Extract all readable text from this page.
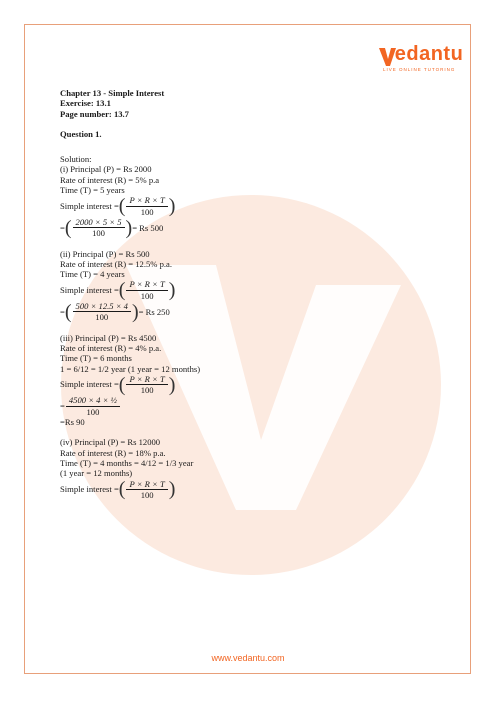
edantu
LIVE ONLINE TUTORING
Chapter 13 - Simple Interest
Exercise: 13.1
Page number: 13.7
Question 1.
Solution:
(i) Principal (P) = Rs 2000
Rate of interest (R) = 5% p.a
Time (T) = 5 years
Simple interest = ( $\frac{P \times R \times T}{100}$ )
= ( $\frac{2000 \times 5 \times 5}{100}$ ) = Rs 500
(ii) Principal (P) = Rs 500
Rate of interest (R) = 12.5% p.a.
Time (T) = 4 years
Simple interest = ( $\frac{P \times R \times T}{100}$ )
= ( $\frac{500 \times 12.5 \times 4}{100}$ ) = Rs 250
(iii) Principal (P) = Rs 4500
Rate of interest (R) = 4% p.a.
Time (T) = 6 months
1 = 6/12 = 1/2 year (1 year = 12 months)
Simple interest = ( $\frac{P \times R \times T}{100}$ )
= $\frac{\text{4500 × 4 × ½}}{100}$
=Rs 90
(iv) Principal (P) = Rs 12000
Rate of interest (R) = 18% p.a.
Time (T) = 4 months = 4/12 = 1/3 year
(1 year = 12 months)
Simple interest = ( $\frac{P \times R \times T}{100}$ )
www.vedantu.com
